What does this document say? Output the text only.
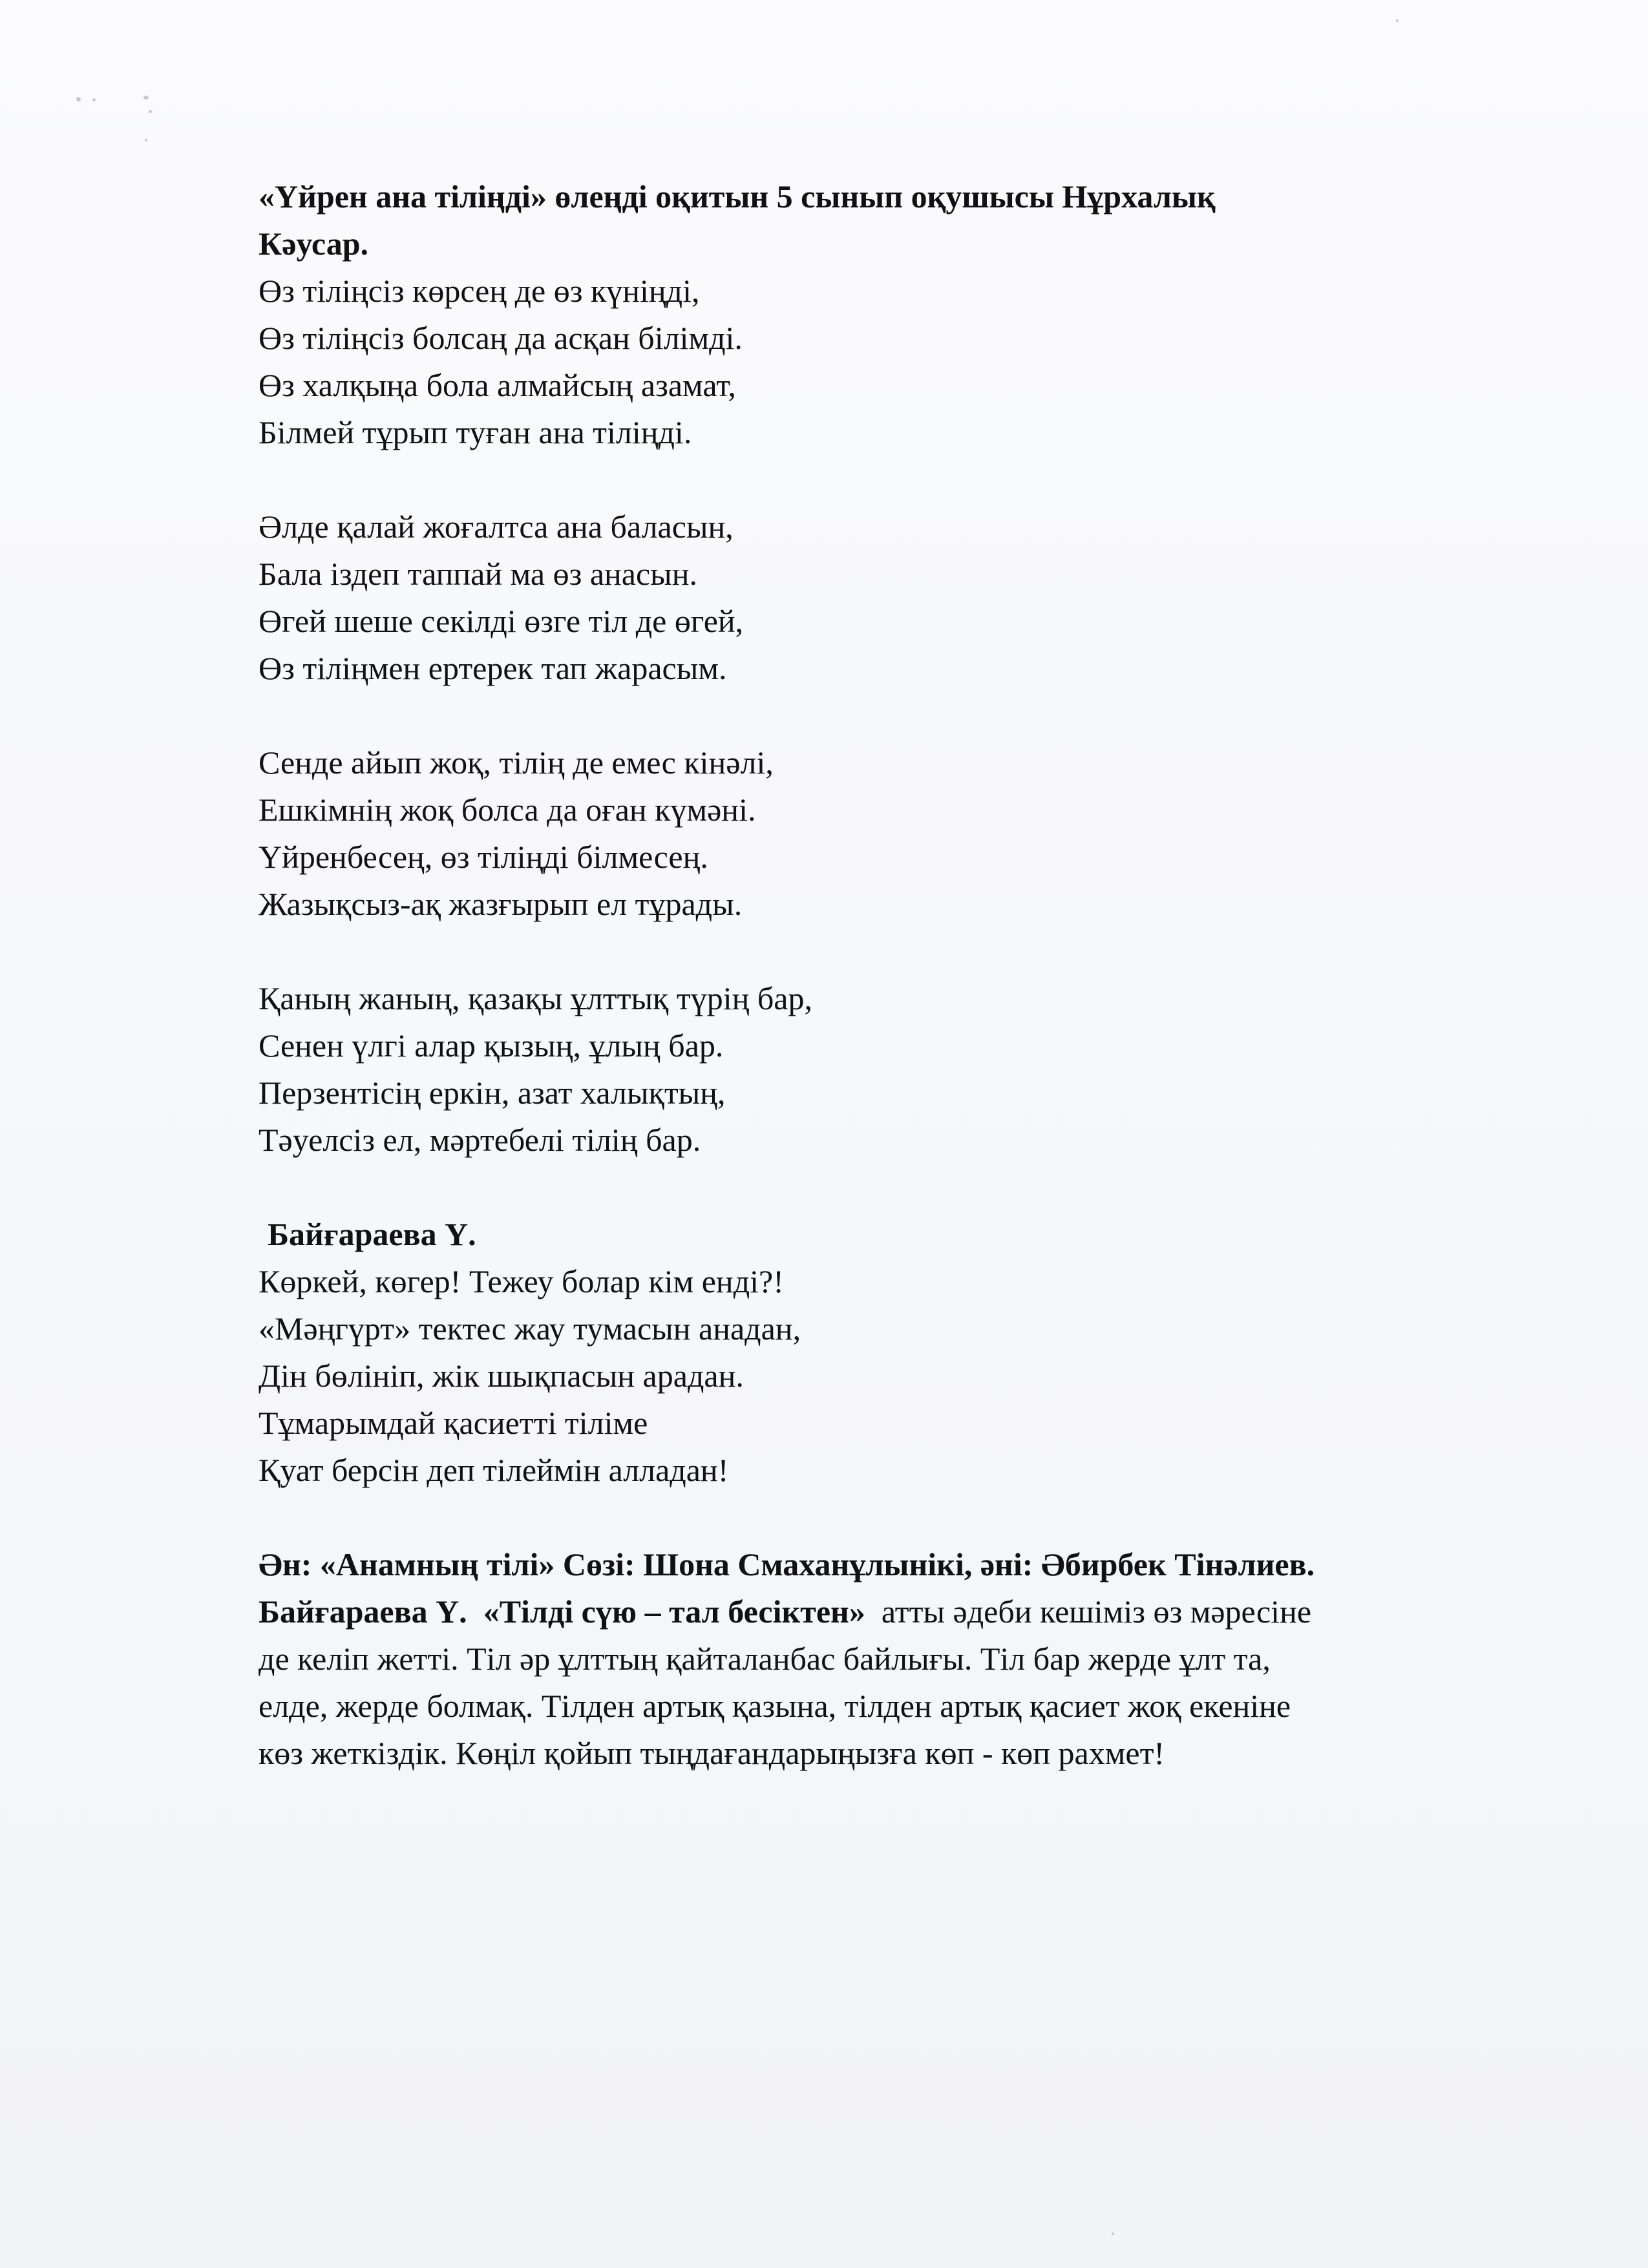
«Үйрен ана тіліңді» өлеңді оқитын 5 сынып оқушысы Нұрхалық
Кәусар.
Өз тіліңсіз көрсең де өз күніңді,
Өз тіліңсіз болсаң да асқан білімді.
Өз халқыңа бола алмайсың азамат,
Білмей тұрып туған ана тіліңді.
Әлде қалай жоғалтса ана баласын,
Бала іздеп таппай ма өз анасын.
Өгей шеше секілді өзге тіл де өгей,
Өз тіліңмен ертерек тап жарасым.
Сенде айып жоқ, тілің де емес кінәлі,
Ешкімнің жоқ болса да оған күмәні.
Үйренбесең, өз тіліңді білмесең.
Жазықсыз-ақ жазғырып ел тұрады.
Қаның жаның, қазақы ұлттық түрің бар,
Сенен үлгі алар қызың, ұлың бар.
Перзентісің еркін, азат халықтың,
Тәуелсіз ел, мәртебелі тілің бар.
Байғараева Ү.
Көркей, көгер! Тежеу болар кім енді?!
«Мәңгүрт» тектес жау тумасын анадан,
Дін бөлініп, жік шықпасын арадан.
Тұмарымдай қасиетті тіліме
Қуат берсін деп тілеймін алладан!
Ән: «Анамның тілі» Сөзі: Шона Смаханұлынікі, әні: Әбирбек Тінәлиев.
Байғараева Ү. «Тілді сүю – тал бесіктен»  атты әдеби кешіміз өз мәресіне
де келіп жетті. Тіл әр ұлттың қайталанбас байлығы. Тіл бар жерде ұлт та,
елде, жерде болмақ. Тілден артық қазына, тілден артық қасиет жоқ екеніне
көз жеткіздік. Көңіл қойып тыңдағандарыңызға көп - көп рахмет!
